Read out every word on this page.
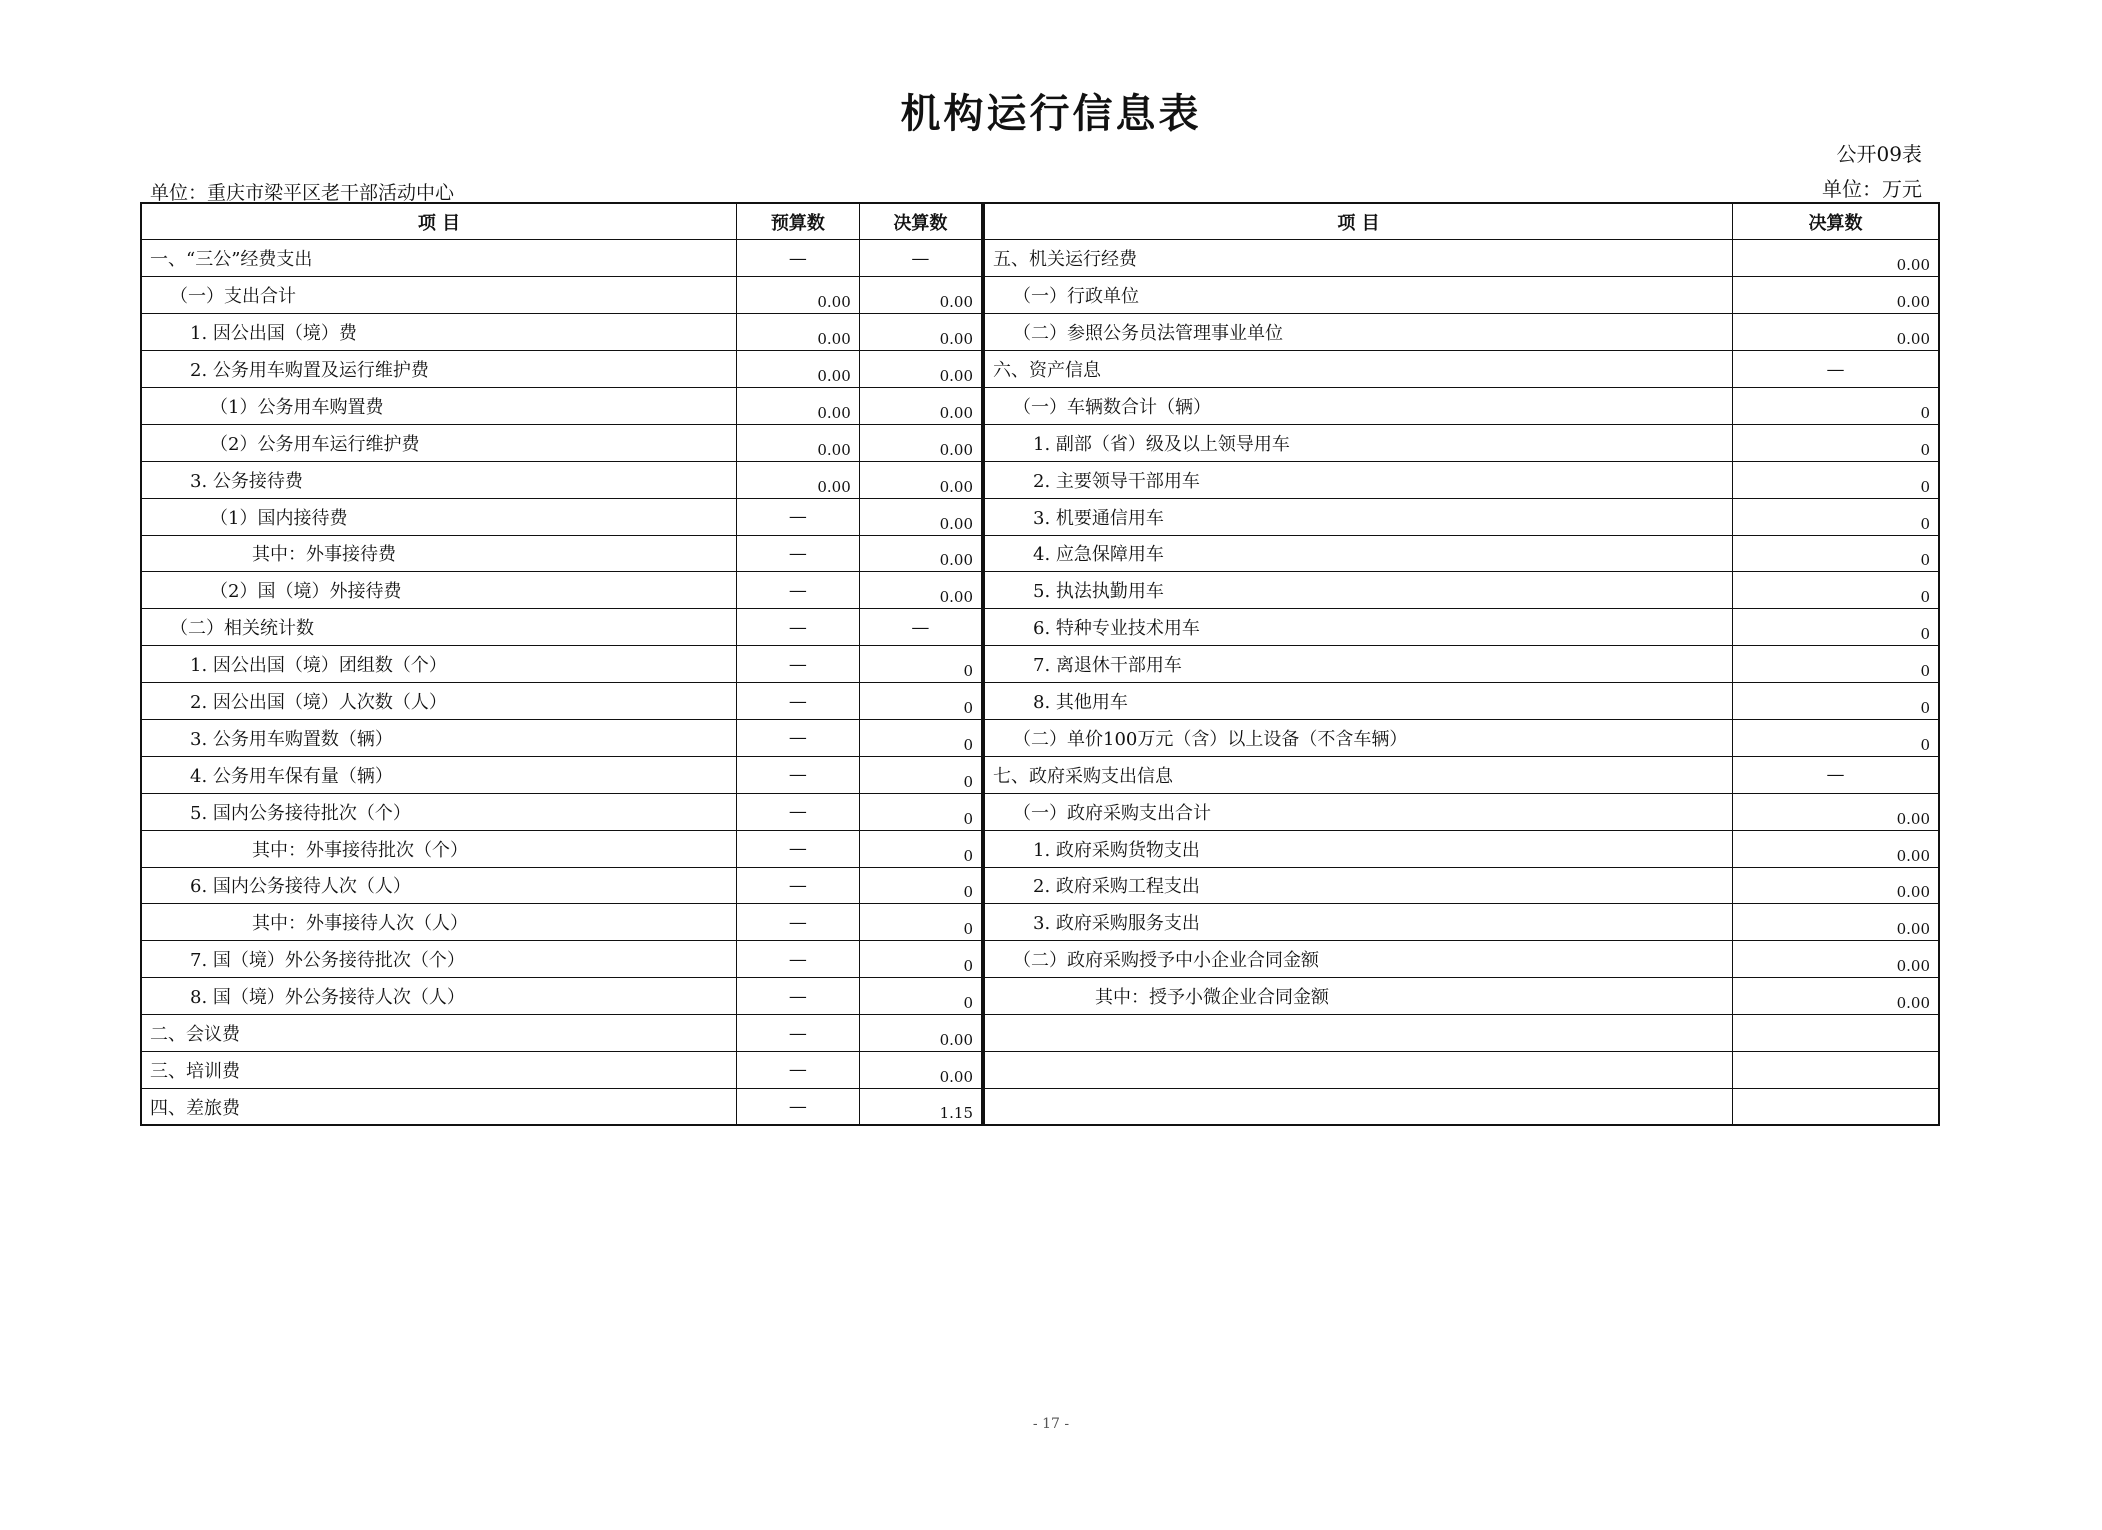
机构运行信息表
公开09表
单位：重庆市梁平区老干部活动中心	单位：万元
项 目	预算数	决算数
一、“三公”经费支出	—	—
（一）支出合计	0.00	0.00
1. 因公出国（境）费	0.00	0.00
2. 公务用车购置及运行维护费	0.00	0.00
（1）公务用车购置费	0.00	0.00
（2）公务用车运行维护费	0.00	0.00
3. 公务接待费	0.00	0.00
（1）国内接待费	—	0.00
其中：外事接待费	—	0.00
（2）国（境）外接待费	—	0.00
（二）相关统计数	—	—
1. 因公出国（境）团组数（个）	—	0
2. 因公出国（境）人次数（人）	—	0
3. 公务用车购置数（辆）	—	0
4. 公务用车保有量（辆）	—	0
5. 国内公务接待批次（个）	—	0
其中：外事接待批次（个）	—	0
6. 国内公务接待人次（人）	—	0
其中：外事接待人次（人）	—	0
7. 国（境）外公务接待批次（个）	—	0
8. 国（境）外公务接待人次（人）	—	0
二、会议费	—	0.00
三、培训费	—	0.00
四、差旅费	—	1.15
项 目	决算数
五、机关运行经费	0.00
（一）行政单位	0.00
（二）参照公务员法管理事业单位	0.00
六、资产信息	—
（一）车辆数合计（辆）	0
1. 副部（省）级及以上领导用车	0
2. 主要领导干部用车	0
3. 机要通信用车	0
4. 应急保障用车	0
5. 执法执勤用车	0
6. 特种专业技术用车	0
7. 离退休干部用车	0
8. 其他用车	0
（二）单价100万元（含）以上设备（不含车辆）	0
七、政府采购支出信息	—
（一）政府采购支出合计	0.00
1. 政府采购货物支出	0.00
2. 政府采购工程支出	0.00
3. 政府采购服务支出	0.00
（二）政府采购授予中小企业合同金额	0.00
其中：授予小微企业合同金额	0.00

- 17 -
